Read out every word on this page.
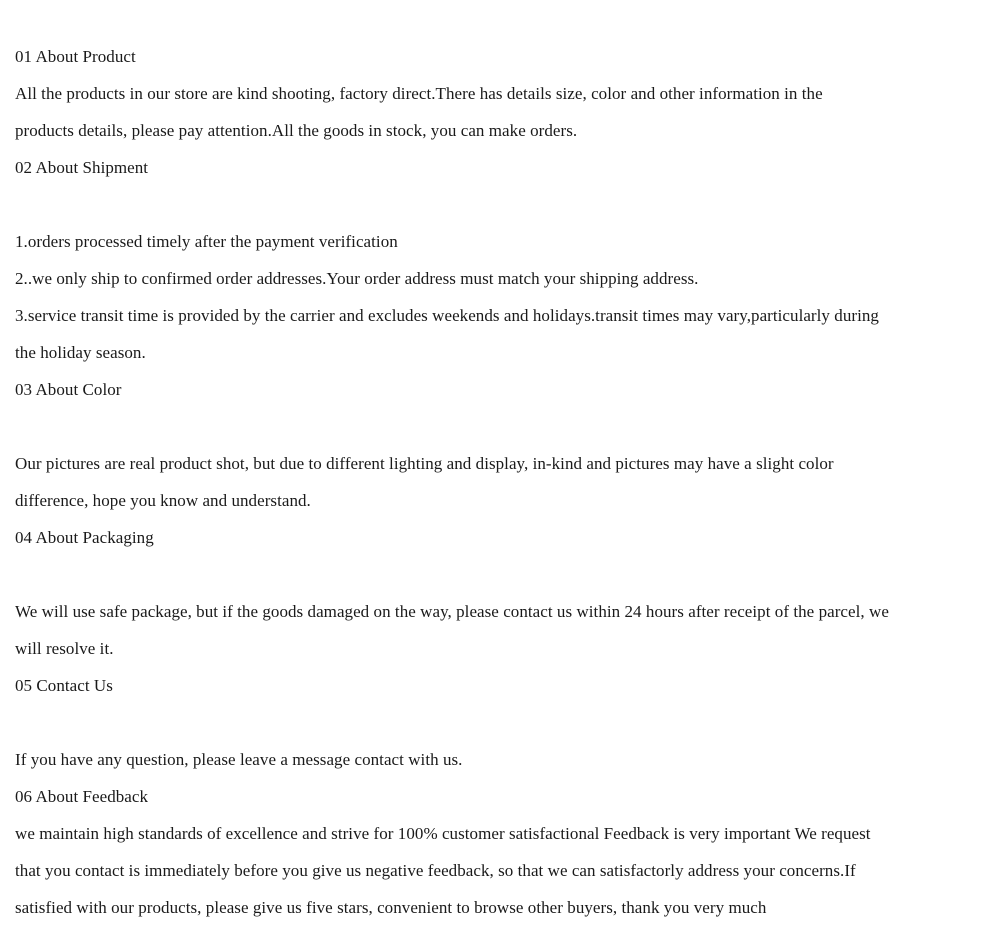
01 About Product
All the products in our store are kind shooting, factory direct.There has details size, color and other information in the
products details, please pay attention.All the goods in stock, you can make orders.
02 About Shipment
1.orders processed timely after the payment verification
2..we only ship to confirmed order addresses.Your order address must match your shipping address.
3.service transit time is provided by the carrier and excludes weekends and holidays.transit times may vary,particularly during
the holiday season.
03 About Color
Our pictures are real product shot, but due to different lighting and display, in-kind and pictures may have a slight color
difference, hope you know and understand.
04 About Packaging
We will use safe package, but if the goods damaged on the way, please contact us within 24 hours after receipt of the parcel, we
will resolve it.
05 Contact Us
If you have any question, please leave a message contact with us.
06 About Feedback
we maintain high standards of excellence and strive for 100% customer satisfactional Feedback is very important We request
that you contact is immediately before you give us negative feedback, so that we can satisfactorly address your concerns.If
satisfied with our products, please give us five stars, convenient to browse other buyers, thank you very much
